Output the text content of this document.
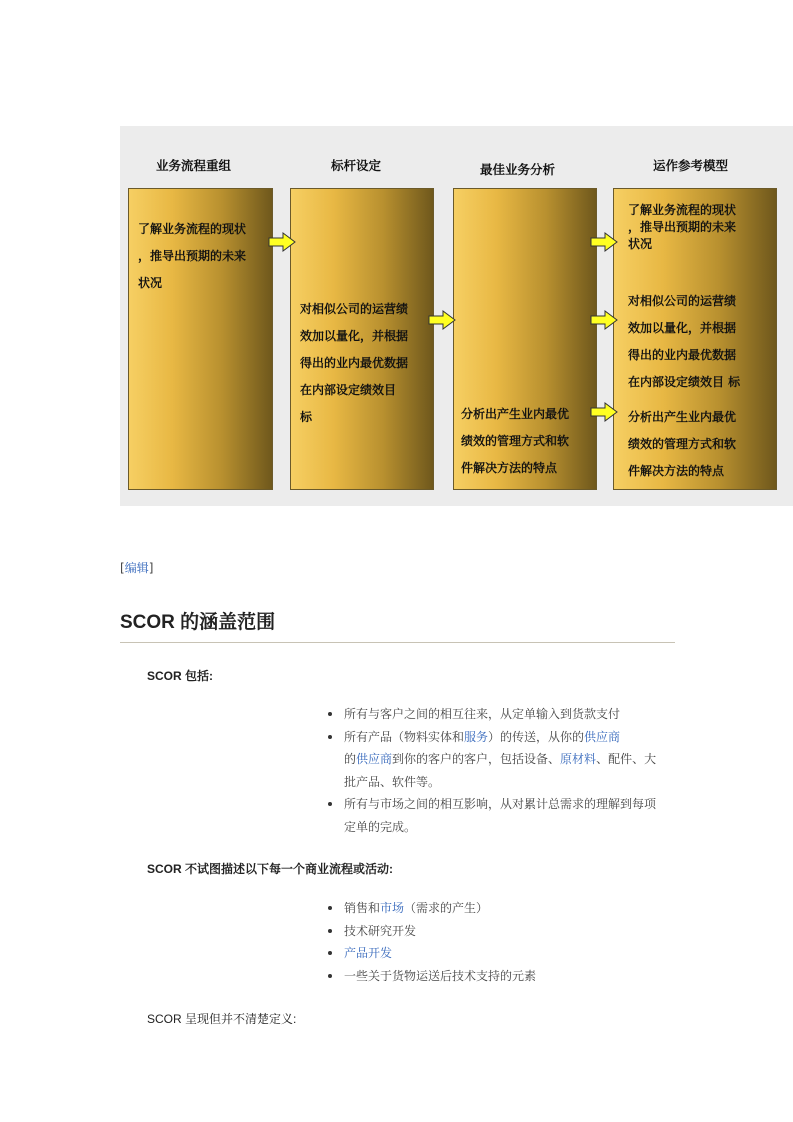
业务流程重组	标杆设定	最佳业务分析	运作参考模型
了解业务流程的现状
，推导出预期的未来
状况
对相似公司的运营绩
效加以量化，并根据
得出的业内最优数据
在内部设定绩效目
标	分析出产生业内最优
绩效的管理方式和软
件解决方法的特点
了解业务流程的现状
，推导出预期的未来
状况
对相似公司的运营绩
效加以量化，并根据
得出的业内最优数据
在内部设定绩效目 标
分析出产生业内最优
绩效的管理方式和软
件解决方法的特点
[编辑]
SCOR 的涵盖范围
SCOR 包括:
所有与客户之间的相互往来，从定单输入到货款支付
所有产品（物料实体和服务）的传送，从你的供应商
的供应商到你的客户的客户，包括设备、原材料、配件、大批产品、软件等。
所有与市场之间的相互影响，从对累计总需求的理解到每项定单的完成。
SCOR 不试图描述以下每一个商业流程或活动:
销售和市场（需求的产生）
技术研究开发
产品开发
一些关于货物运送后技术支持的元素
SCOR 呈现但并不清楚定义:
